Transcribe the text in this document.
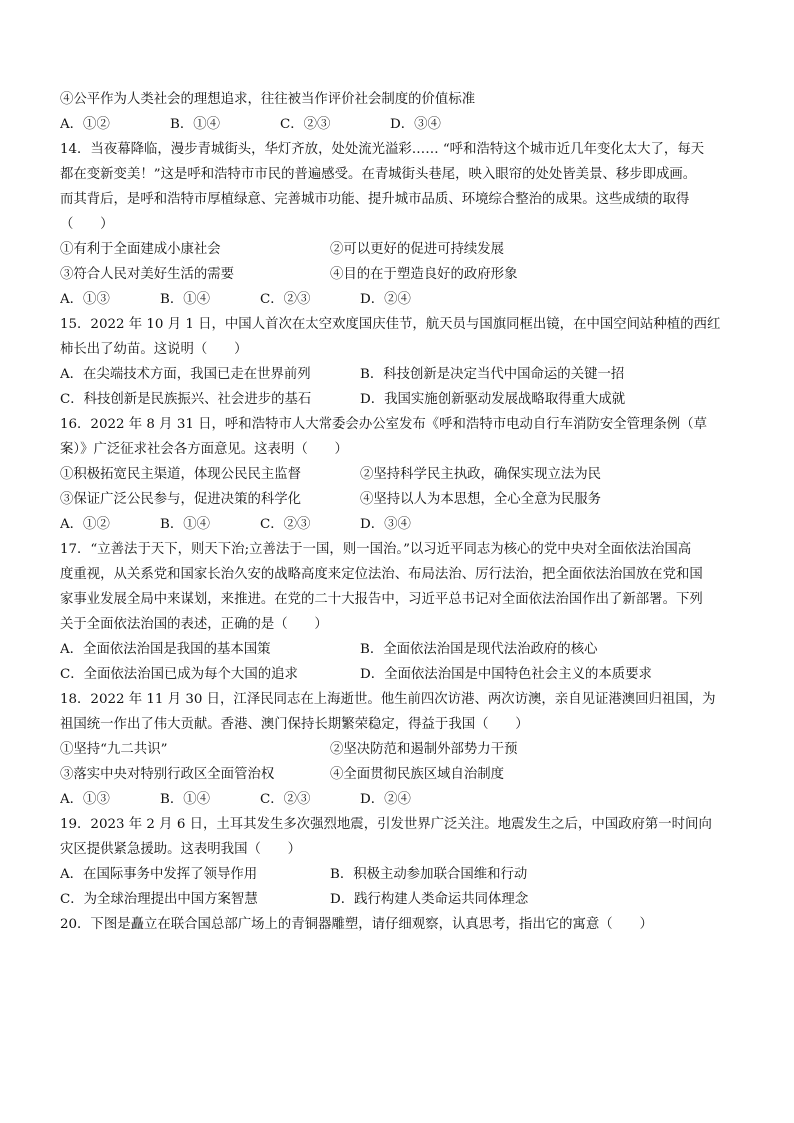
④公平作为人类社会的理想追求，往往被当作评价社会制度的价值标准
A．①②	B．①④	C．②③	D．③④
14．当夜幕降临，漫步青城街头，华灯齐放，处处流光溢彩…… “呼和浩特这个城市近几年变化太大了，每天
都在变新变美！”这是呼和浩特市市民的普遍感受。在青城街头巷尾，映入眼帘的处处皆美景、移步即成画。
而其背后，是呼和浩特市厚植绿意、完善城市功能、提升城市品质、环境综合整治的成果。这些成绩的取得
（　　）
①有利于全面建成小康社会	②可以更好的促进可持续发展
③符合人民对美好生活的需要	④目的在于塑造良好的政府形象
A．①③	B．①④	C．②③	D．②④
15．2022 年 10 月 1 日，中国人首次在太空欢度国庆佳节，航天员与国旗同框出镜，在中国空间站种植的西红
柿长出了幼苗。这说明（　　）
A．在尖端技术方面，我国已走在世界前列	B．科技创新是决定当代中国命运的关键一招
C．科技创新是民族振兴、社会进步的基石	D．我国实施创新驱动发展战略取得重大成就
16．2022 年 8 月 31 日，呼和浩特市人大常委会办公室发布《呼和浩特市电动自行车消防安全管理条例（草
案）》广泛征求社会各方面意见。这表明（　　）
①积极拓宽民主渠道，体现公民民主监督	②坚持科学民主执政，确保实现立法为民
③保证广泛公民参与，促进决策的科学化	④坚持以人为本思想，全心全意为民服务
A．①②	B．①④	C．②③	D．③④
17．“立善法于天下，则天下治;立善法于一国，则一国治。”以习近平同志为核心的党中央对全面依法治国高
度重视，从关系党和国家长治久安的战略高度来定位法治、布局法治、厉行法治，把全面依法治国放在党和国
家事业发展全局中来谋划，来推进。在党的二十大报告中，习近平总书记对全面依法治国作出了新部署。下列
关于全面依法治国的表述，正确的是（　　）
A．全面依法治国是我国的基本国策	B．全面依法治国是现代法治政府的核心
C．全面依法治国已成为每个大国的追求	D．全面依法治国是中国特色社会主义的本质要求
18．2022 年 11 月 30 日，江泽民同志在上海逝世。他生前四次访港、两次访澳，亲自见证港澳回归祖国，为
祖国统一作出了伟大贡献。香港、澳门保持长期繁荣稳定，得益于我国（　　）
①坚持“九二共识”	②坚决防范和遏制外部势力干预
③落实中央对特别行政区全面管治权	④全面贯彻民族区域自治制度
A．①③	B．①④	C．②③	D．②④
19．2023 年 2 月 6 日，土耳其发生多次强烈地震，引发世界广泛关注。地震发生之后，中国政府第一时间向
灾区提供紧急援助。这表明我国（　　）
A．在国际事务中发挥了领导作用	B．积极主动参加联合国维和行动
C．为全球治理提出中国方案智慧	D．践行构建人类命运共同体理念
20．下图是矗立在联合国总部广场上的青铜器雕塑，请仔细观察，认真思考，指出它的寓意（　　）
